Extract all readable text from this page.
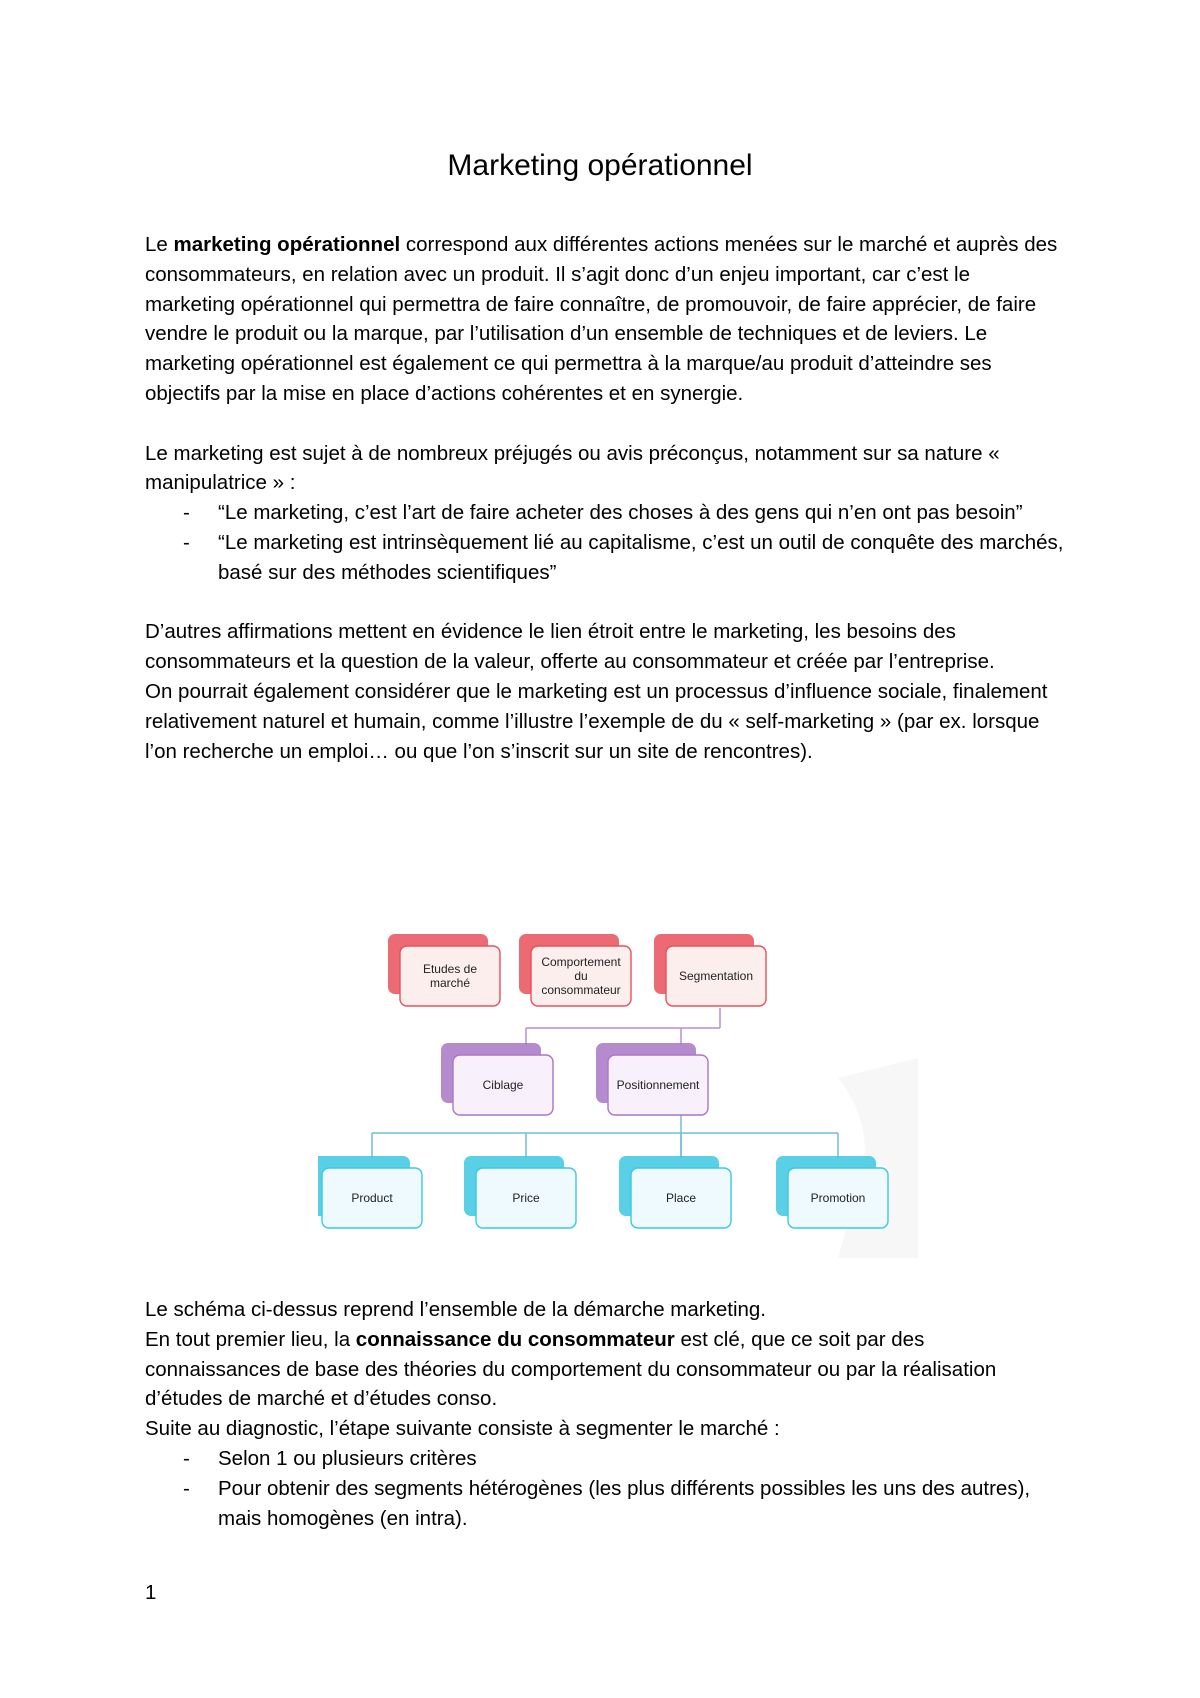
Marketing opérationnel

Le marketing opérationnel correspond aux différentes actions menées sur le marché et auprès des consommateurs, en relation avec un produit. Il s’agit donc d’un enjeu important, car c’est le marketing opérationnel qui permettra de faire connaître, de promouvoir, de faire apprécier, de faire vendre le produit ou la marque, par l’utilisation d’un ensemble de techniques et de leviers. Le marketing opérationnel est également ce qui permettra à la marque/au produit d’atteindre ses objectifs par la mise en place d’actions cohérentes et en synergie.

Le marketing est sujet à de nombreux préjugés ou avis préconçus, notamment sur sa nature « manipulatrice » :

- “Le marketing, c’est l’art de faire acheter des choses à des gens qui n’en ont pas besoin”
- “Le marketing est intrinsèquement lié au capitalisme, c’est un outil de conquête des marchés, basé sur des méthodes scientifiques”

D’autres affirmations mettent en évidence le lien étroit entre le marketing, les besoins des consommateurs et la question de la valeur, offerte au consommateur et créée par l’entreprise.

On pourrait également considérer que le marketing est un processus d’influence sociale, finalement relativement naturel et humain, comme l’illustre l’exemple de du « self-marketing » (par ex. lorsque l’on recherche un emploi… ou que l’on s’inscrit sur un site de rencontres).

Etudes de
marché
Comportement
du
consommateur
Segmentation
Ciblage	Positionnement
Product	Price	Place	Promotion

Le schéma ci-dessus reprend l’ensemble de la démarche marketing.

En tout premier lieu, la connaissance du consommateur est clé, que ce soit par des connaissances de base des théories du comportement du consommateur ou par la réalisation d’études de marché et d’études conso.

Suite au diagnostic, l’étape suivante consiste à segmenter le marché :

- Selon 1 ou plusieurs critères
- Pour obtenir des segments hétérogènes (les plus différents possibles les uns des autres), mais homogènes (en intra).
1
